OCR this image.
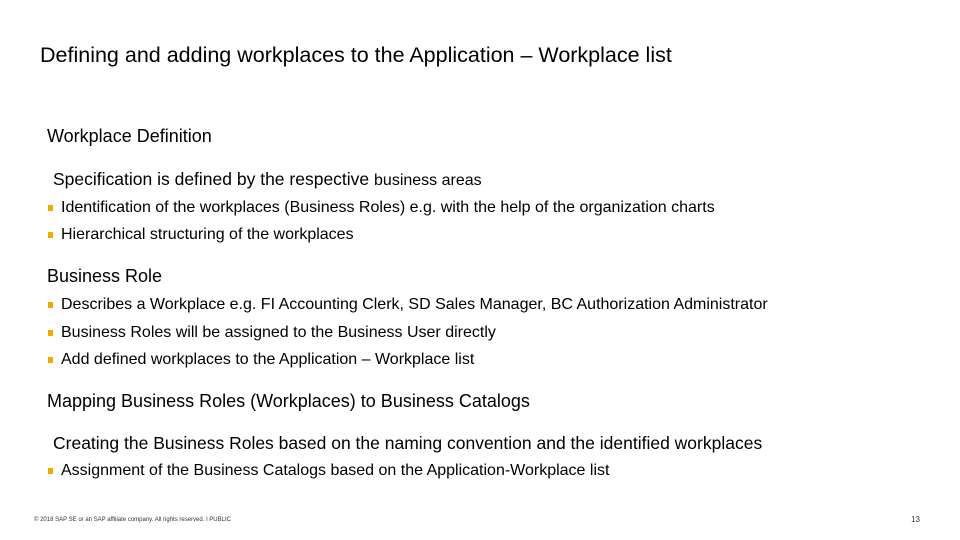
Defining and adding workplaces to the Application – Workplace list
Workplace Definition
Specification is defined by the respective business areas
Identification of the workplaces (Business Roles) e.g. with the help of the organization charts
Hierarchical structuring of the workplaces
Business Role
Describes a Workplace e.g. FI Accounting Clerk, SD Sales Manager, BC Authorization Administrator
Business Roles will be assigned to the Business User directly
Add defined workplaces to the Application – Workplace list
Mapping Business Roles (Workplaces) to Business Catalogs
Creating the Business Roles based on the naming convention and the identified workplaces
Assignment of the Business Catalogs based on the Application-Workplace list
© 2018 SAP SE or an SAP affiliate company. All rights reserved. ǀ PUBLIC	13
